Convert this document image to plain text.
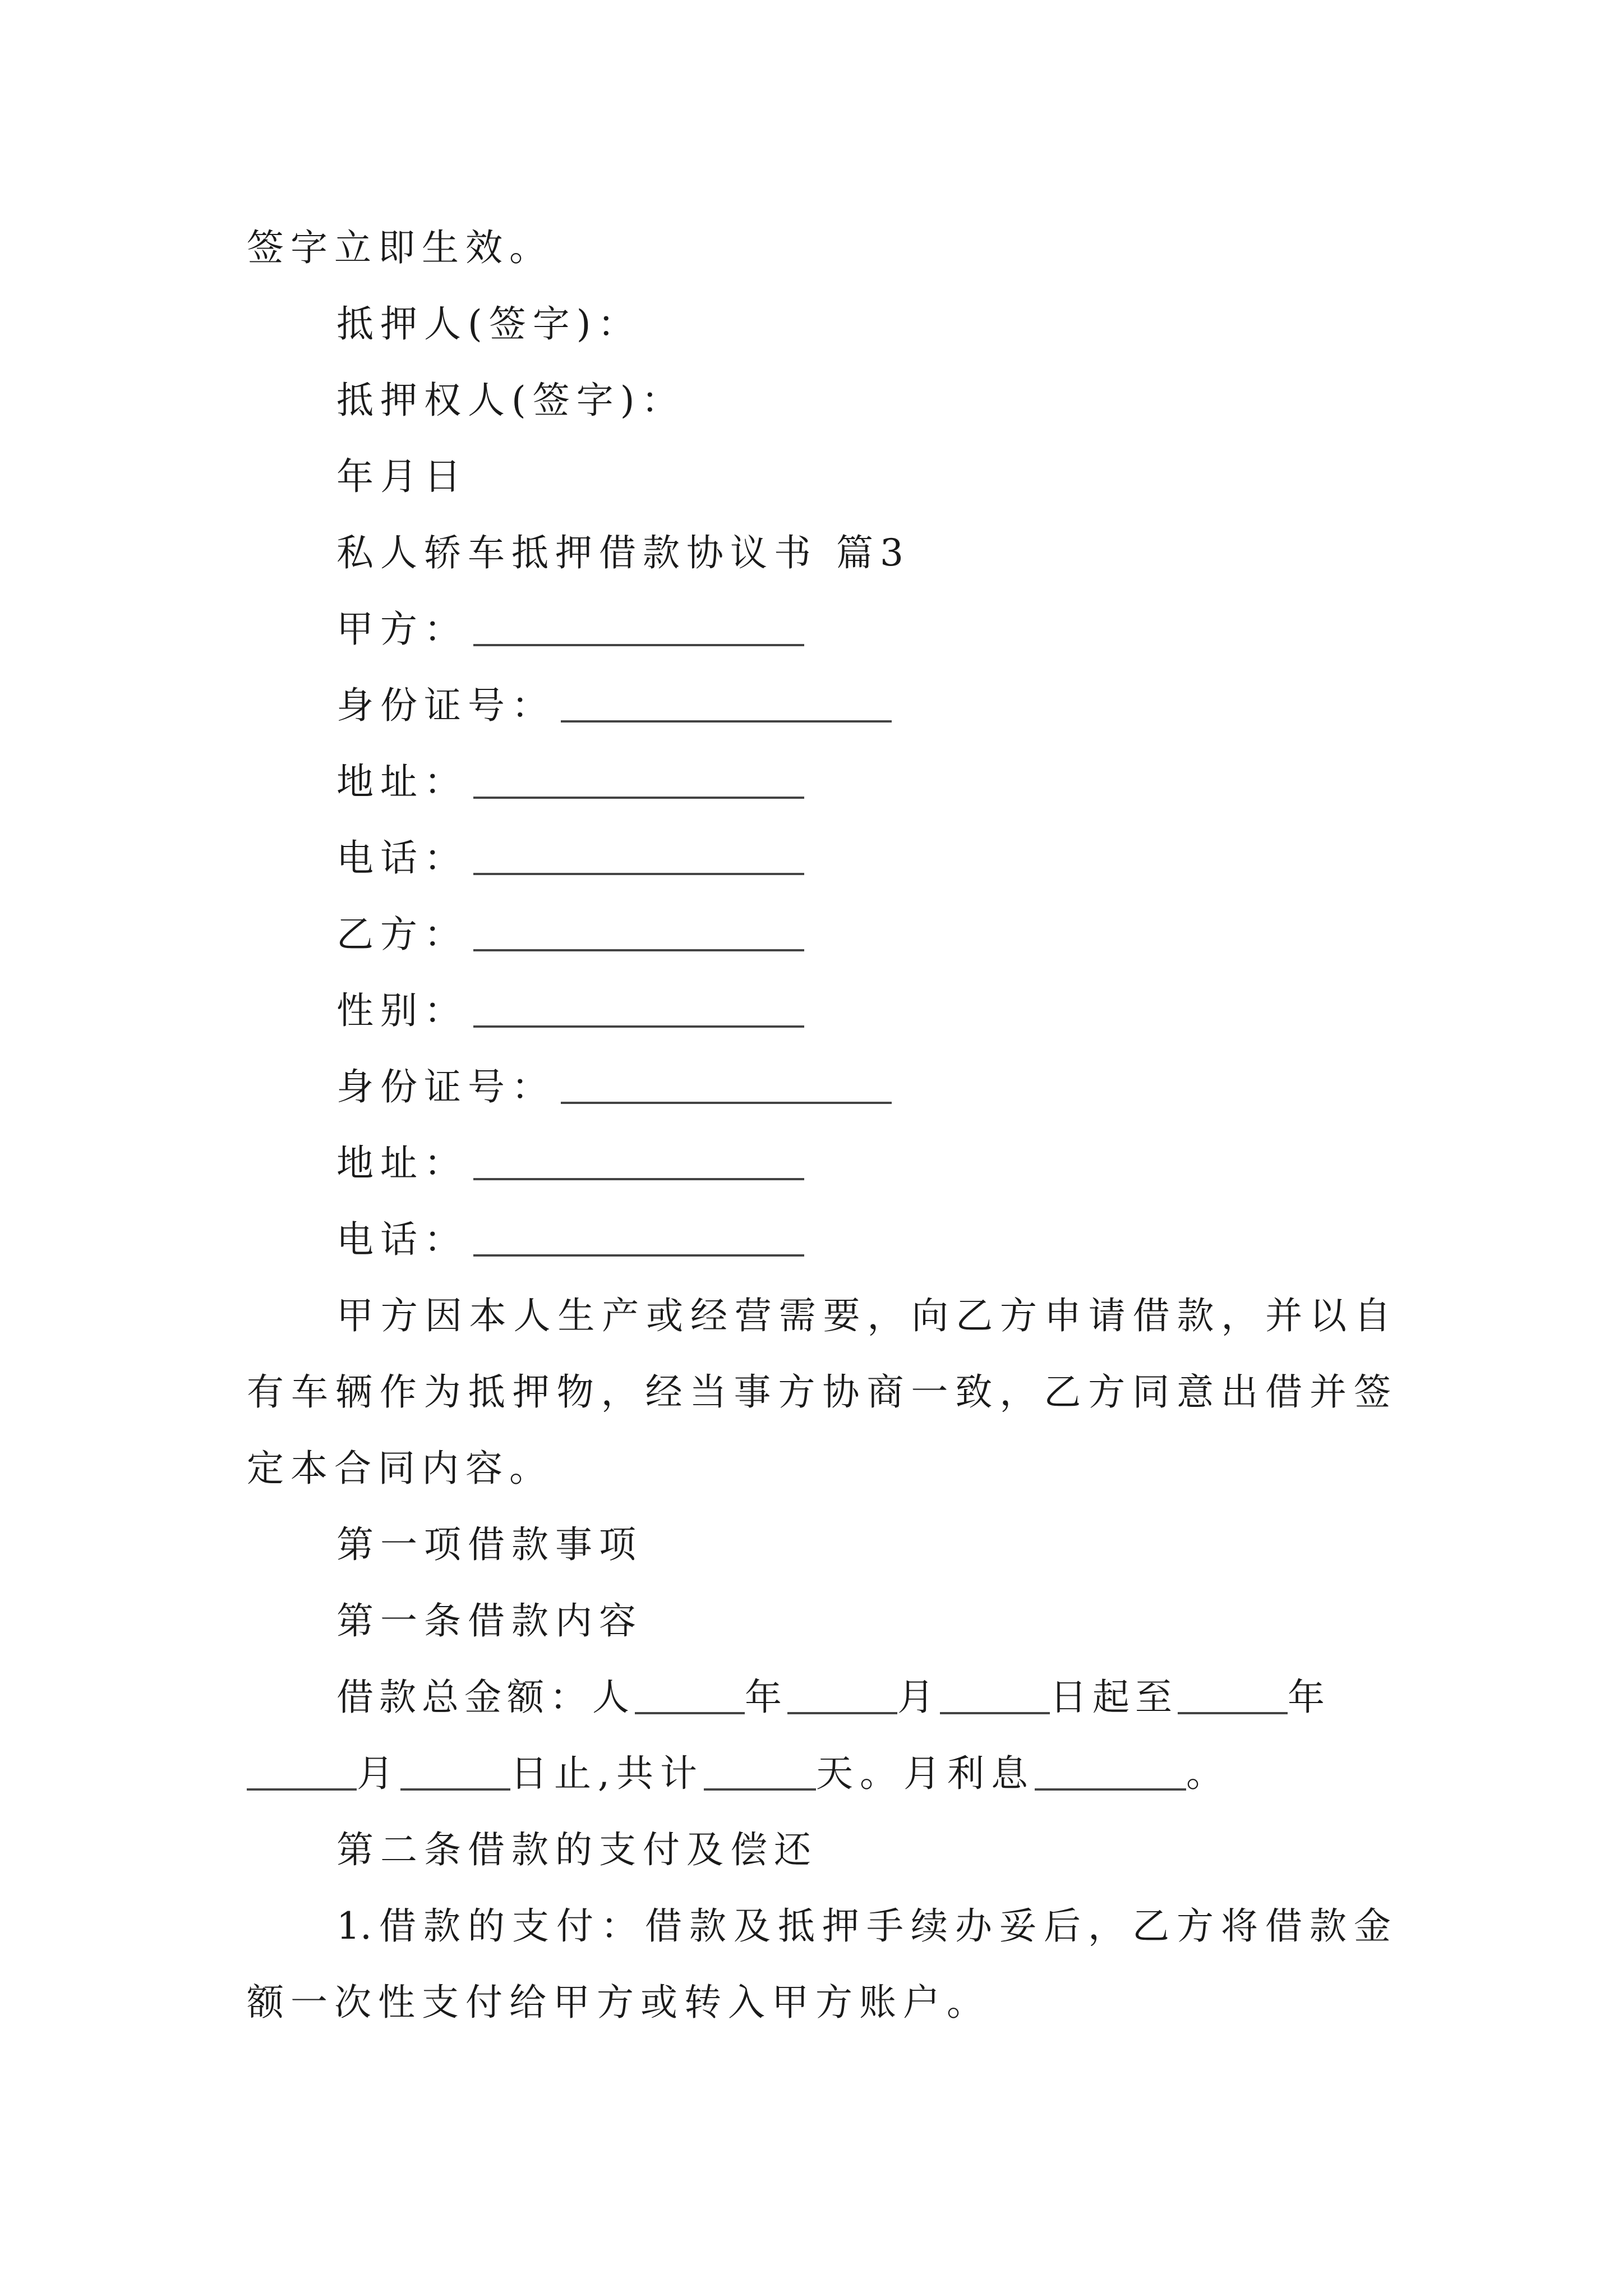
签字立即生效。
抵押人(签字)：
抵押权人(签字)：
年月日
私人轿车抵押借款协议书 篇3
甲方：
身份证号：
地址：
电话：
乙方：
性别：
身份证号：
地址：
电话：
甲方因本人生产或经营需要，向乙方申请借款，并以自
有车辆作为抵押物，经当事方协商一致，乙方同意出借并签
定本合同内容。
第一项借款事项
第一条借款内容
借款总金额：人	年	月	日起至	年
月	日止,共计	天。月利息	。
第二条借款的支付及偿还
1.借款的支付：借款及抵押手续办妥后，乙方将借款金
额一次性支付给甲方或转入甲方账户。
